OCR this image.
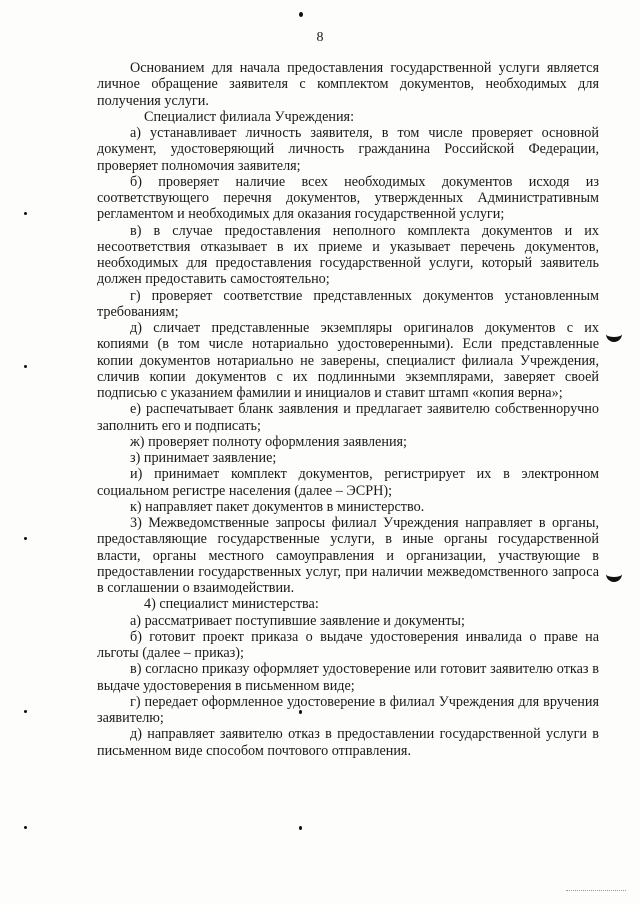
8

Основанием для начала предоставления государственной услуги является личное обращение заявителя с комплектом документов, необходимых для получения услуги.

Специалист филиала Учреждения:

а) устанавливает личность заявителя, в том числе проверяет основной документ, удостоверяющий личность гражданина Российской Федерации, проверяет полномочия заявителя;

б) проверяет наличие всех необходимых документов исходя из соответствующего перечня документов, утвержденных Административным регламентом и необходимых для оказания государственной услуги;

в) в случае предоставления неполного комплекта документов и их несоответствия отказывает в их приеме и указывает перечень документов, необходимых для предоставления государственной услуги, который заявитель должен предоставить самостоятельно;

г) проверяет соответствие представленных документов установленным требованиям;

д) сличает представленные экземпляры оригиналов документов с их копиями (в том числе нотариально удостоверенными). Если представленные копии документов нотариально не заверены, специалист филиала Учреждения, сличив копии документов с их подлинными экземплярами, заверяет своей подписью с указанием фамилии и инициалов и ставит штамп «копия верна»;

е) распечатывает бланк заявления и предлагает заявителю собственноручно заполнить его и подписать;

ж) проверяет полноту оформления заявления;

з) принимает заявление;

и) принимает комплект документов, регистрирует их в электронном социальном регистре населения (далее – ЭСРН);

к) направляет пакет документов в министерство.

3) Межведомственные запросы филиал Учреждения направляет в органы, предоставляющие государственные услуги, в иные органы государственной власти, органы местного самоуправления и организации, участвующие в предоставлении государственных услуг, при наличии межведомственного запроса в соглашении о взаимодействии.

4) специалист министерства:

а) рассматривает поступившие заявление и документы;

б) готовит проект приказа о выдаче удостоверения инвалида о праве на льготы (далее – приказ);

в) согласно приказу оформляет удостоверение или готовит заявителю отказ в выдаче удостоверения в письменном виде;

г) передает оформленное удостоверение в филиал Учреждения для вручения заявителю;

д) направляет заявителю отказ в предоставлении государственной услуги в письменном виде способом почтового отправления.
